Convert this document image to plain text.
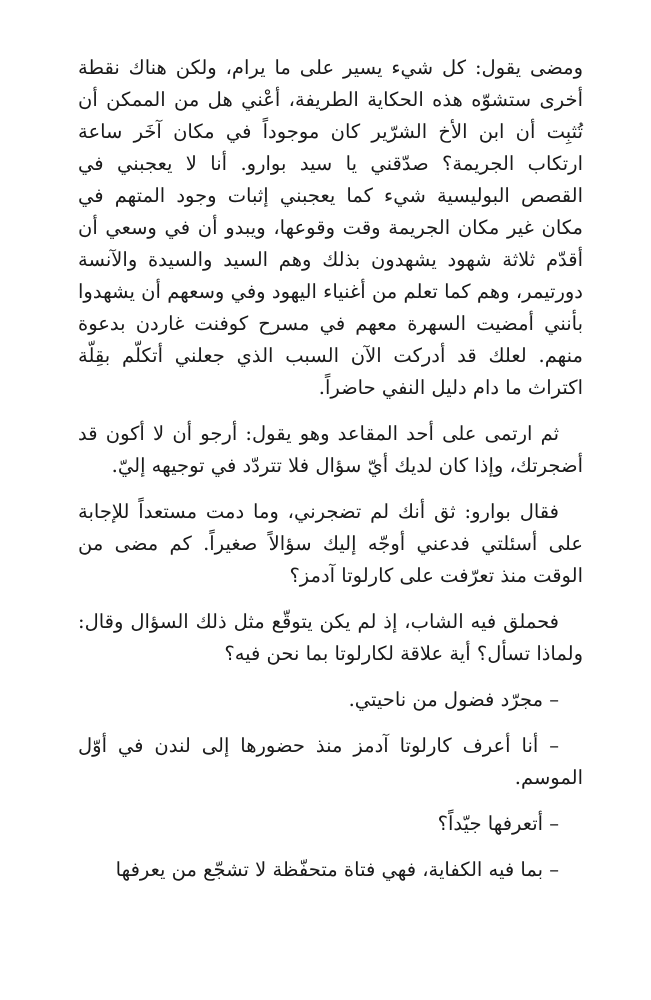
ومضى يقول: كل شيء يسير على ما يرام، ولكن هناك نقطة أخرى ستشوّه هذه الحكاية الطريفة، أعْني هل من الممكن أن تُثبِت أن ابن الأخ الشرّير كان موجوداً في مكان آخَر ساعة ارتكاب الجريمة؟ صدّقني يا سيد بوارو. أنا لا يعجبني في القصص البوليسية شيء كما يعجبني إثبات وجود المتهم في مكان غير مكان الجريمة وقت وقوعها، ويبدو أن في وسعي أن أقدّم ثلاثة شهود يشهدون بذلك وهم السيد والسيدة والآنسة دورتيمر، وهم كما تعلم من أغنياء اليهود وفي وسعهم أن يشهدوا بأنني أمضيت السهرة معهم في مسرح كوفنت غاردن بدعوة منهم. لعلك قد أدركت الآن السبب الذي جعلني أتكلّم بقِلّة اكتراث ما دام دليل النفي حاضراً.

ثم ارتمى على أحد المقاعد وهو يقول: أرجو أن لا أكون قد أضجرتك، وإذا كان لديك أيّ سؤال فلا تتردّد في توجيهه إليّ.

فقال بوارو: ثق أنك لم تضجرني، وما دمت مستعداً للإجابة على أسئلتي فدعني أوجّه إليك سؤالاً صغيراً. كم مضى من الوقت منذ تعرّفت على كارلوتا آدمز؟

فحملق فيه الشاب، إذ لم يكن يتوقّع مثل ذلك السؤال وقال: ولماذا تسأل؟ أية علاقة لكارلوتا بما نحن فيه؟

– مجرّد فضول من ناحيتي.

– أنا أعرف كارلوتا آدمز منذ حضورها إلى لندن في أوّل الموسم.

– أتعرفها جيّداً؟

– بما فيه الكفاية، فهي فتاة متحفّظة لا تشجّع من يعرفها
